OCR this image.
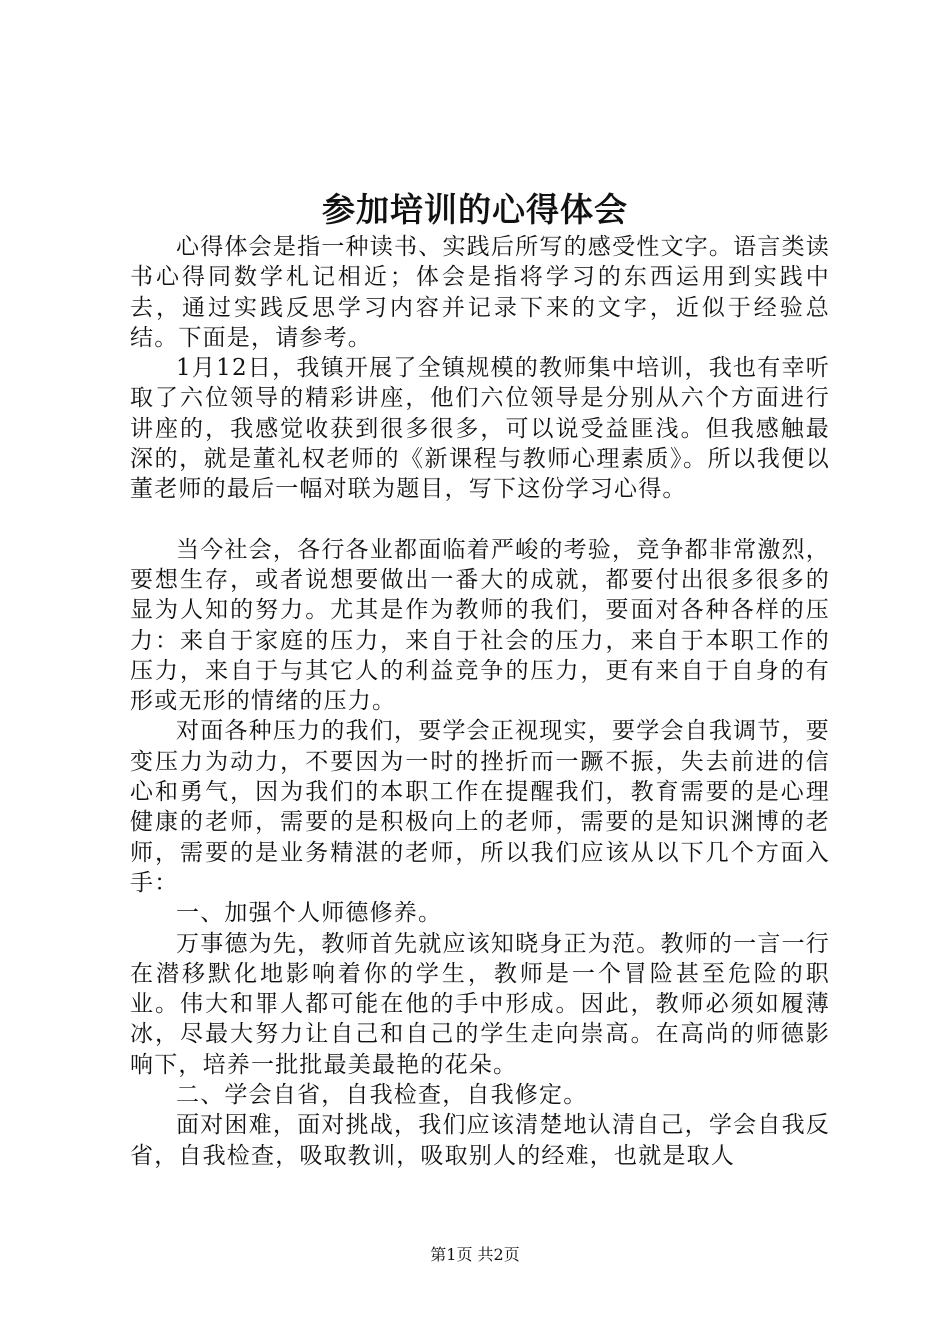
参加培训的心得体会

心得体会是指一种读书、实践后所写的感受性文字。语言类读书心得同数学札记相近；体会是指将学习的东西运用到实践中去，通过实践反思学习内容并记录下来的文字，近似于经验总结。下面是，请参考。

1月12日，我镇开展了全镇规模的教师集中培训，我也有幸听取了六位领导的精彩讲座，他们六位领导是分别从六个方面进行讲座的，我感觉收获到很多很多，可以说受益匪浅。但我感触最深的，就是董礼权老师的《新课程与教师心理素质》。所以我便以董老师的最后一幅对联为题目，写下这份学习心得。

当今社会，各行各业都面临着严峻的考验，竞争都非常激烈，要想生存，或者说想要做出一番大的成就，都要付出很多很多的显为人知的努力。尤其是作为教师的我们，要面对各种各样的压力：来自于家庭的压力，来自于社会的压力，来自于本职工作的压力，来自于与其它人的利益竞争的压力，更有来自于自身的有形或无形的情绪的压力。

对面各种压力的我们，要学会正视现实，要学会自我调节，要变压力为动力，不要因为一时的挫折而一蹶不振，失去前进的信心和勇气，因为我们的本职工作在提醒我们，教育需要的是心理健康的老师，需要的是积极向上的老师，需要的是知识渊博的老师，需要的是业务精湛的老师，所以我们应该从以下几个方面入手：

一、加强个人师德修养。

万事德为先，教师首先就应该知晓身正为范。教师的一言一行在潜移默化地影响着你的学生，教师是一个冒险甚至危险的职业。伟大和罪人都可能在他的手中形成。因此，教师必须如履薄冰，尽最大努力让自己和自己的学生走向崇高。在高尚的师德影响下，培养一批批最美最艳的花朵。

二、学会自省，自我检查，自我修定。

面对困难，面对挑战，我们应该清楚地认清自己，学会自我反省，自我检查，吸取教训，吸取别人的经难，也就是取人

第1页 共2页
